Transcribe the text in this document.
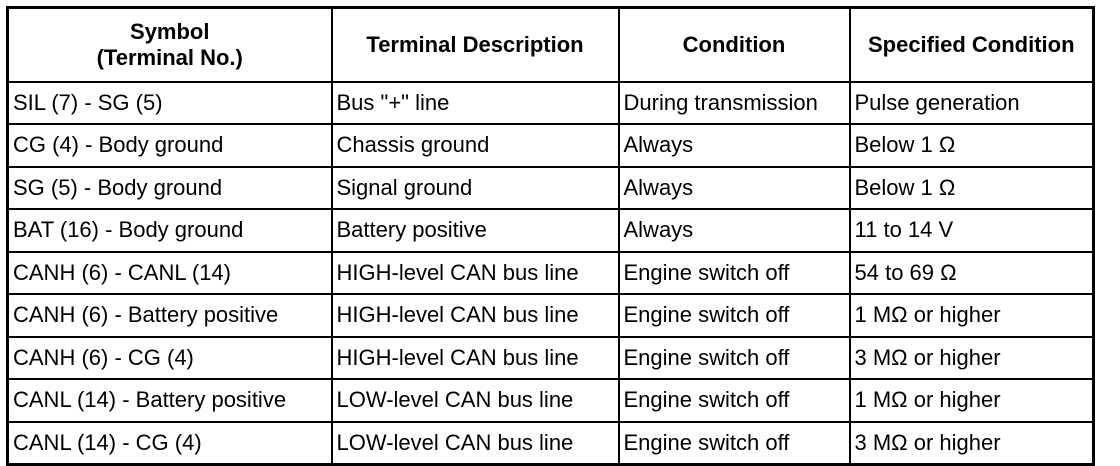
Symbol
(Terminal No.)	Terminal Description	Condition	Specified Condition
SIL (7) - SG (5)	Bus "+" line	During transmission	Pulse generation
CG (4) - Body ground	Chassis ground	Always	Below 1 Ω
SG (5) - Body ground	Signal ground	Always	Below 1 Ω
BAT (16) - Body ground	Battery positive	Always	11 to 14 V
CANH (6) - CANL (14)	HIGH-level CAN bus line	Engine switch off	54 to 69 Ω
CANH (6) - Battery positive	HIGH-level CAN bus line	Engine switch off	1 MΩ or higher
CANH (6) - CG (4)	HIGH-level CAN bus line	Engine switch off	3 MΩ or higher
CANL (14) - Battery positive	LOW-level CAN bus line	Engine switch off	1 MΩ or higher
CANL (14) - CG (4)	LOW-level CAN bus line	Engine switch off	3 MΩ or higher
